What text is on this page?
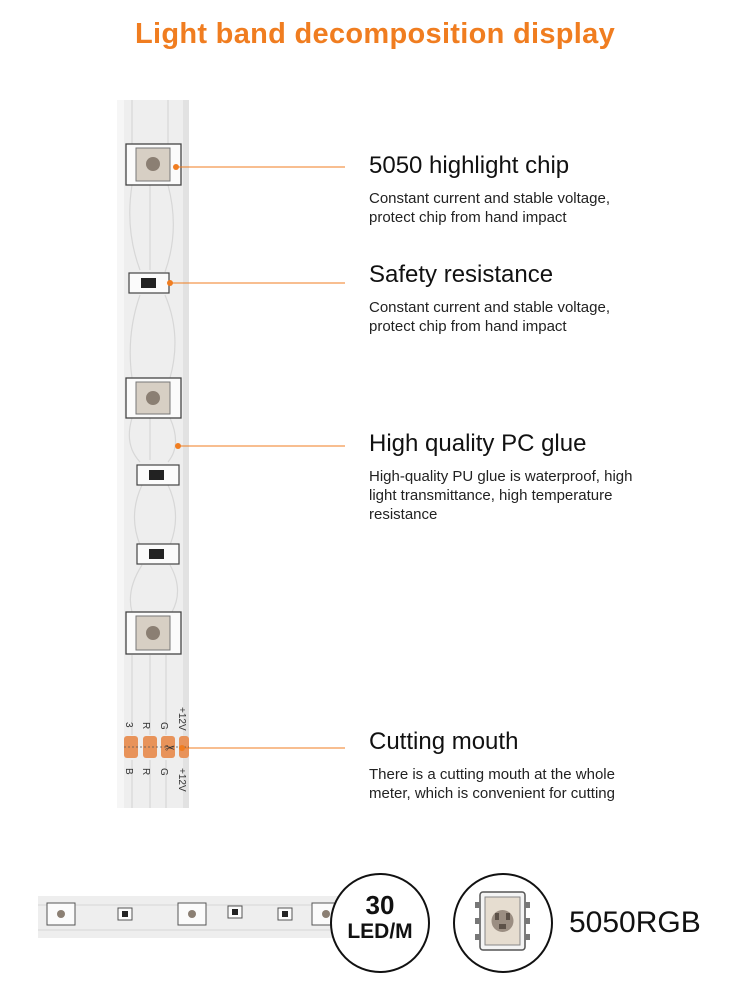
Light band decomposition display
✂
3 R G +12V
B R G +12V
5050 highlight chip
Constant current and stable voltage, protect chip from hand impact
Safety resistance
Constant current and stable voltage, protect chip from hand impact
High quality PC glue
High-quality PU glue is waterproof, high light transmittance, high temperature resistance
Cutting mouth
There is a cutting mouth at the whole meter, which is convenient for cutting
30
LED/M	5050RGB
